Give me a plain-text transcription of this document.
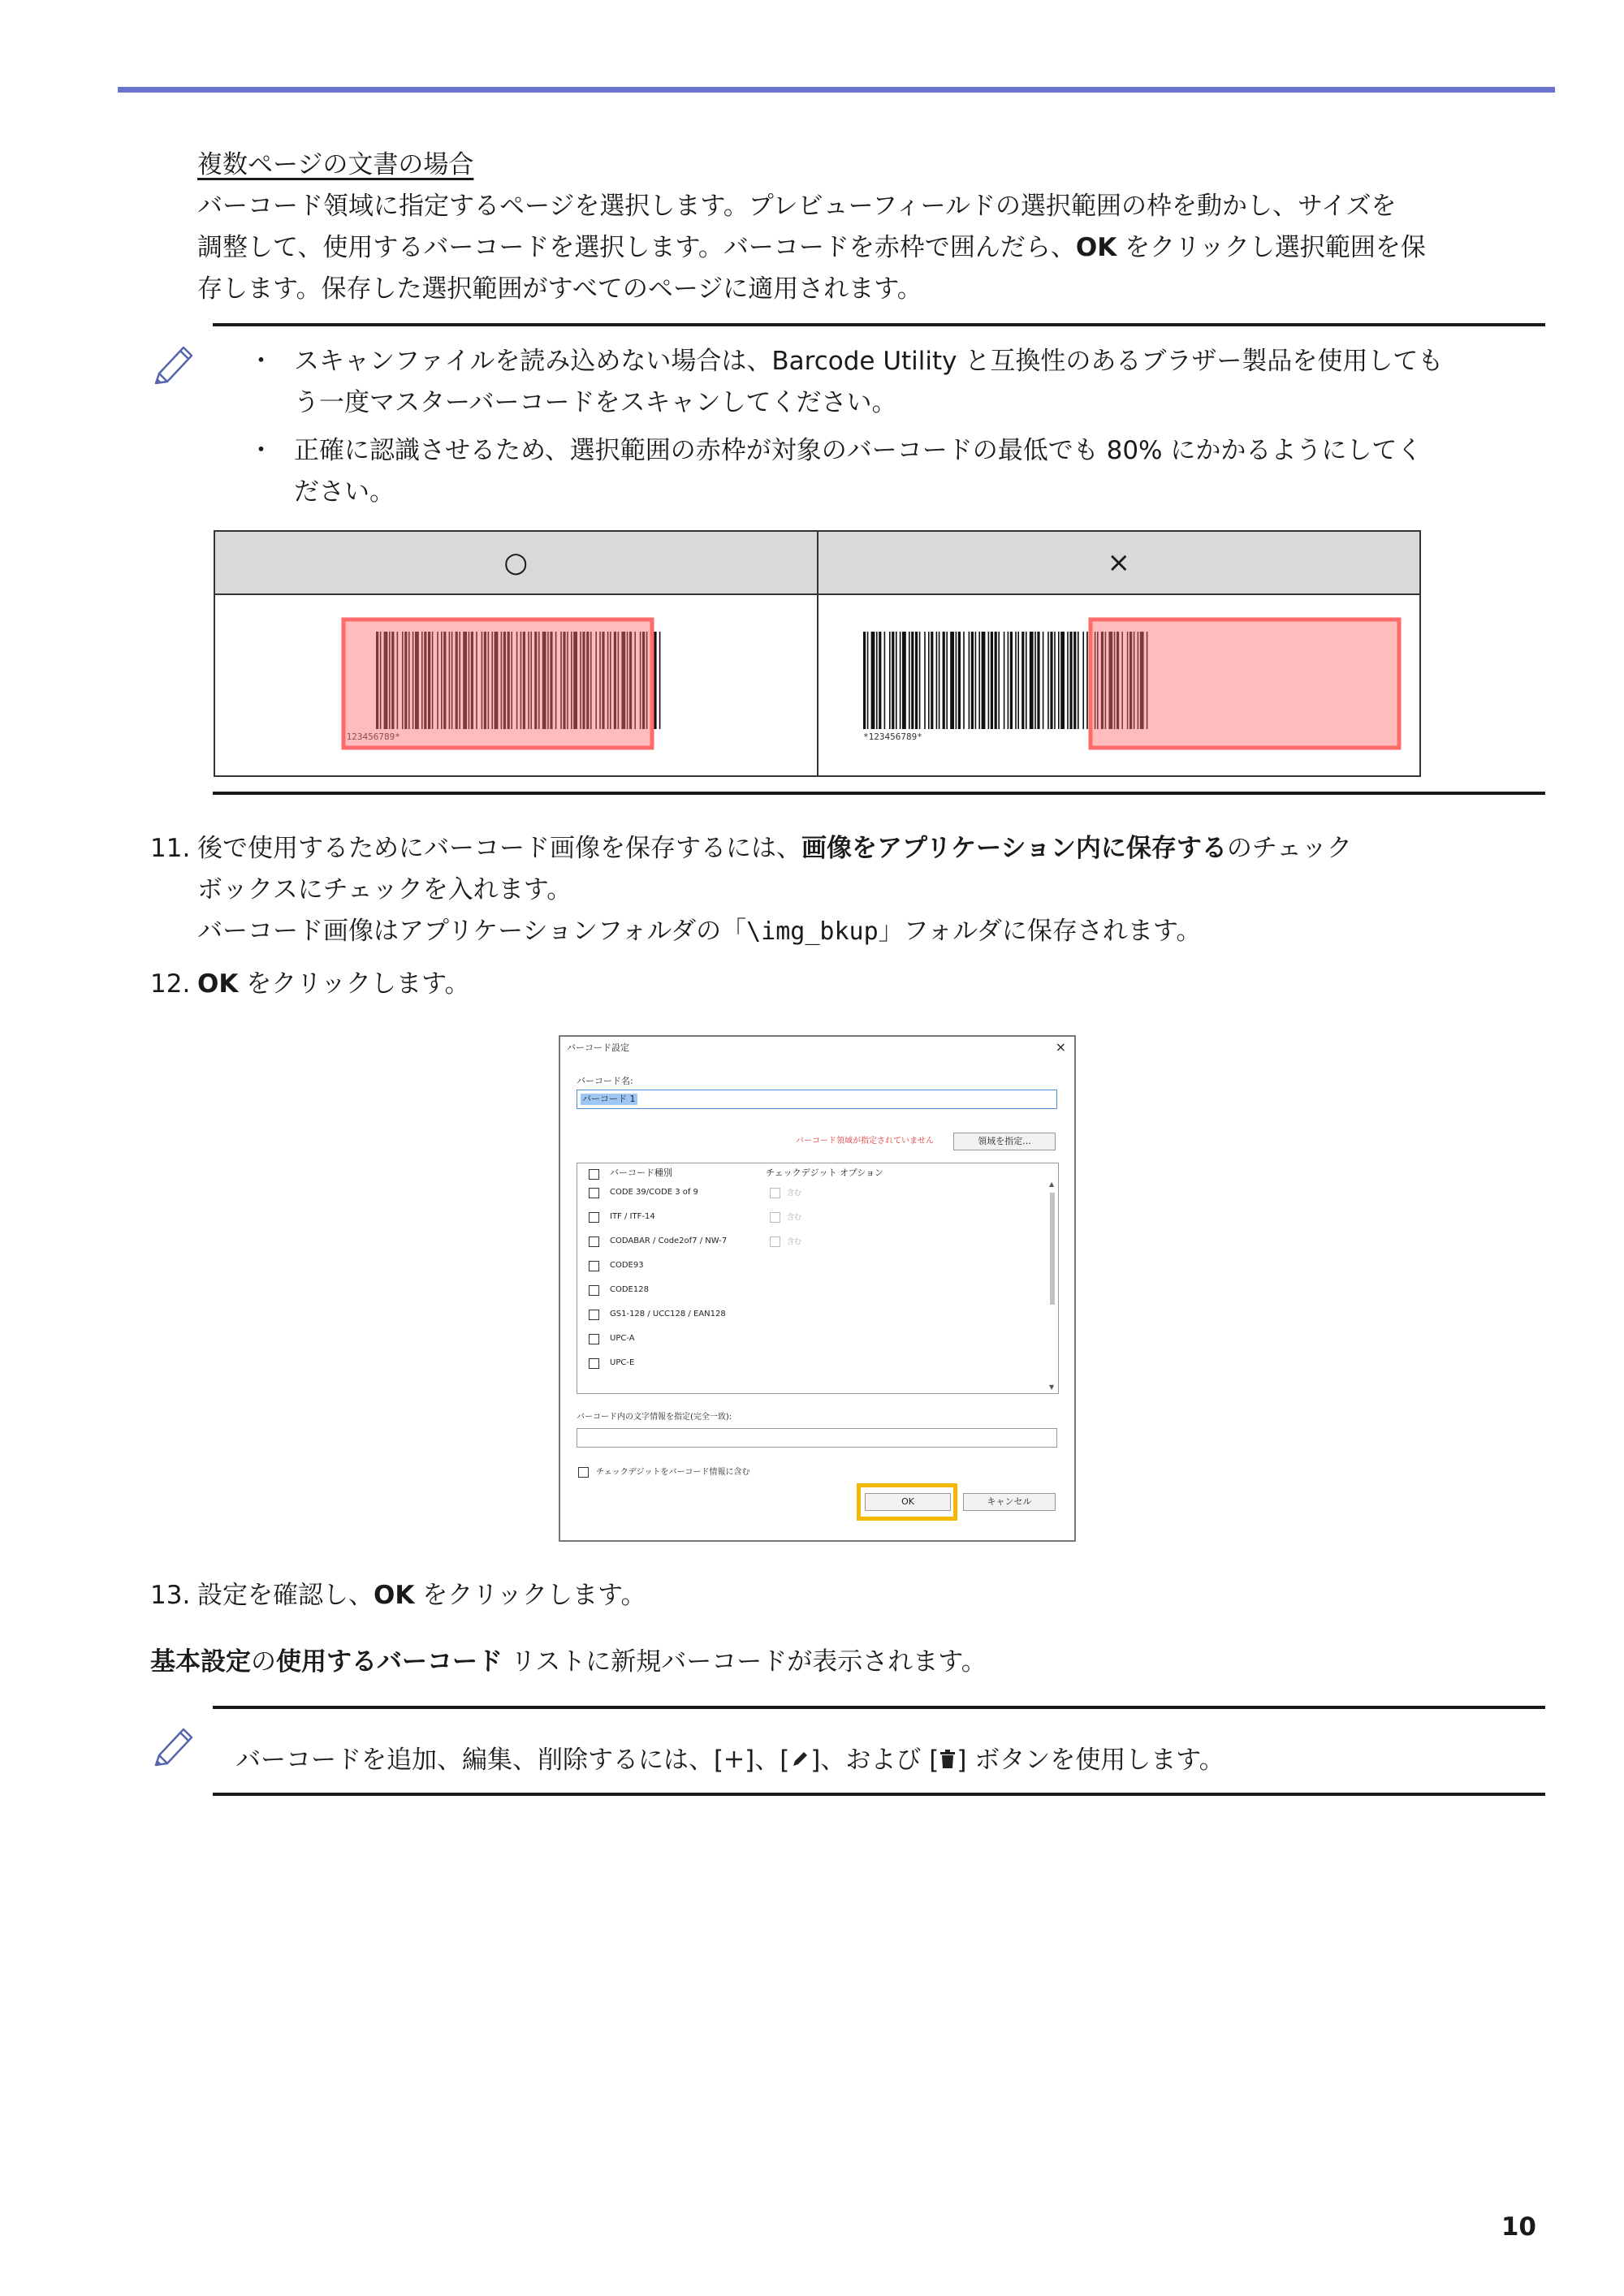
複数ページの文書の場合
バーコード領域に指定するページを選択します。プレビューフィールドの選択範囲の枠を動かし、サイズを
調整して、使用するバーコードを選択します。バーコードを赤枠で囲んだら、OK をクリックし選択範囲を保
存します。保存した選択範囲がすべてのページに適用されます。
・ スキャンファイルを読み込めない場合は、Barcode Utility と互換性のあるブラザー製品を使用しても
う一度マスターバーコードをスキャンしてください。
・ 正確に認識させるため、選択範囲の赤枠が対象のバーコードの最低でも 80% にかかるようにしてく
ださい。
○	×

*123456789*	*123456789*
11. 後で使用するためにバーコード画像を保存するには、画像をアプリケーション内に保存するのチェック
ボックスにチェックを入れます。
バーコード画像はアプリケーションフォルダの「\img_bkup」フォルダに保存されます。
12. OK をクリックします。
バーコード設定	×
バーコード名:
バーコード 1
バーコード領域が指定されていません	領域を指定...
バーコード種別	チェックデジット オプション
CODE 39/CODE 3 of 9
ITF / ITF-14
CODABAR / Code2of7 / NW-7
CODE93
CODE128
GS1-128 / UCC128 / EAN128
UPC-A
UPC-E
含む
含む
含む
▲
▼
バーコード内の文字情報を指定(完全一致):
チェックデジットをバーコード情報に含む
OK	キャンセル
13. 設定を確認し、OK をクリックします。
基本設定の使用するバーコード リストに新規バーコードが表示されます。
バーコードを追加、編集、削除するには、[ ]、[ ]、および [ ] ボタンを使用します。
10
